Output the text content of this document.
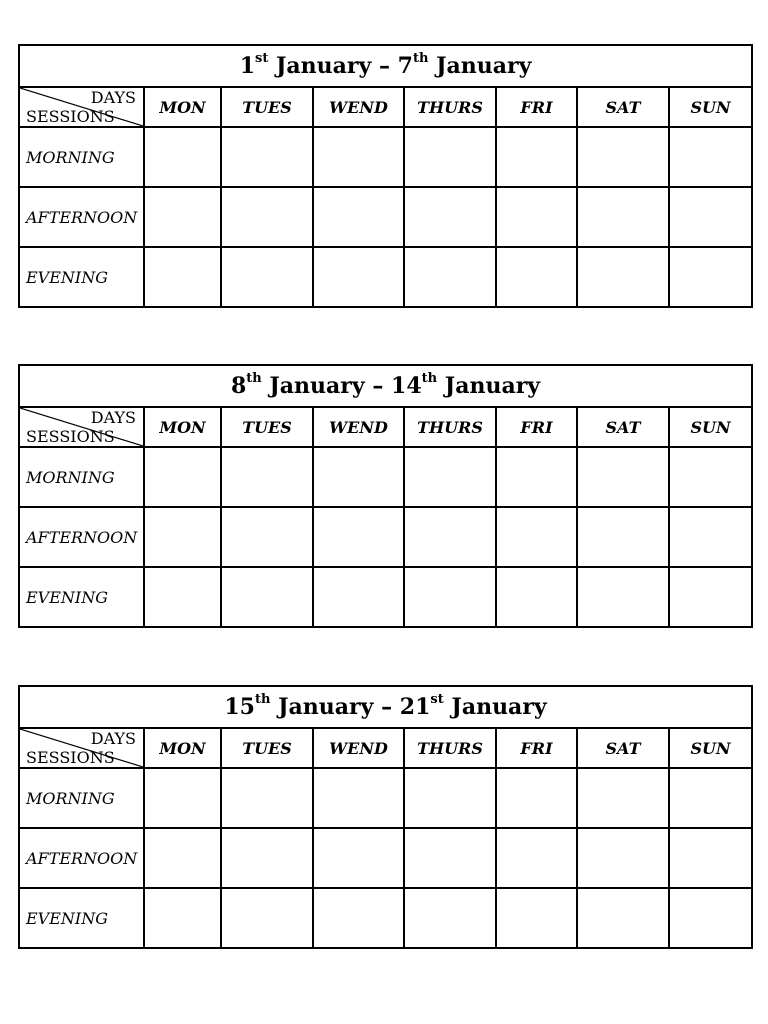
1st January – 7th January							

DAYS
SESSIONS	MON	TUES	WEND	THURS	FRI	SAT	SUN
MORNING							
AFTERNOON							
EVENING							
8th January – 14th January							

DAYS
SESSIONS	MON	TUES	WEND	THURS	FRI	SAT	SUN
MORNING							
AFTERNOON							
EVENING							
15th January – 21st January							

DAYS
SESSIONS	MON	TUES	WEND	THURS	FRI	SAT	SUN
MORNING							
AFTERNOON							
EVENING							
